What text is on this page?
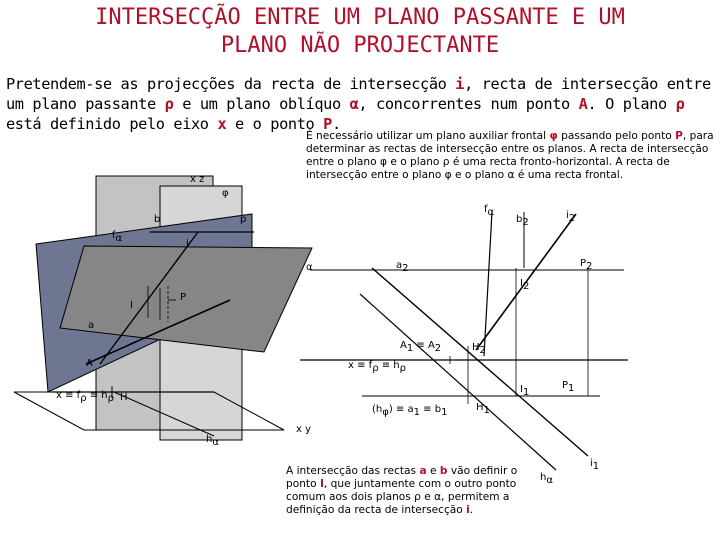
INTERSECÇÃO ENTRE UM PLANO PASSANTE E UM
PLANO NÃO PROJECTANTE
Pretendem-se as projecções da recta de intersecção i, recta de intersecção entre um plano passante ρ e um plano oblíquo α, concorrentes num ponto A. O plano ρ está definido pelo eixo x e o ponto P.
É necessário utilizar um plano auxiliar frontal φ passando pelo ponto P, para determinar as rectas de intersecção entre os planos. A recta de intersecção entre o plano φ e o plano ρ é uma recta fronto-horizontal. A recta de intersecção entre o plano φ e o plano α é uma recta frontal.
A intersecção das rectas a e b vão definir o ponto I, que juntamente com o outro ponto comum aos dois planos ρ e α, permitem a definição da recta de intersecção i.
x z
φ
b	p
fα	i
α
P
I
a
A
x ≡ fρ ≡ hρ H
hα
fα
b2
i2
a2	P2
I2
A1 ≡ A2	H2
x ≡ fρ ≡ hρ
I1
P1
(hφ) ≡ a1 ≡ b1	H1
x y
hα
i1
